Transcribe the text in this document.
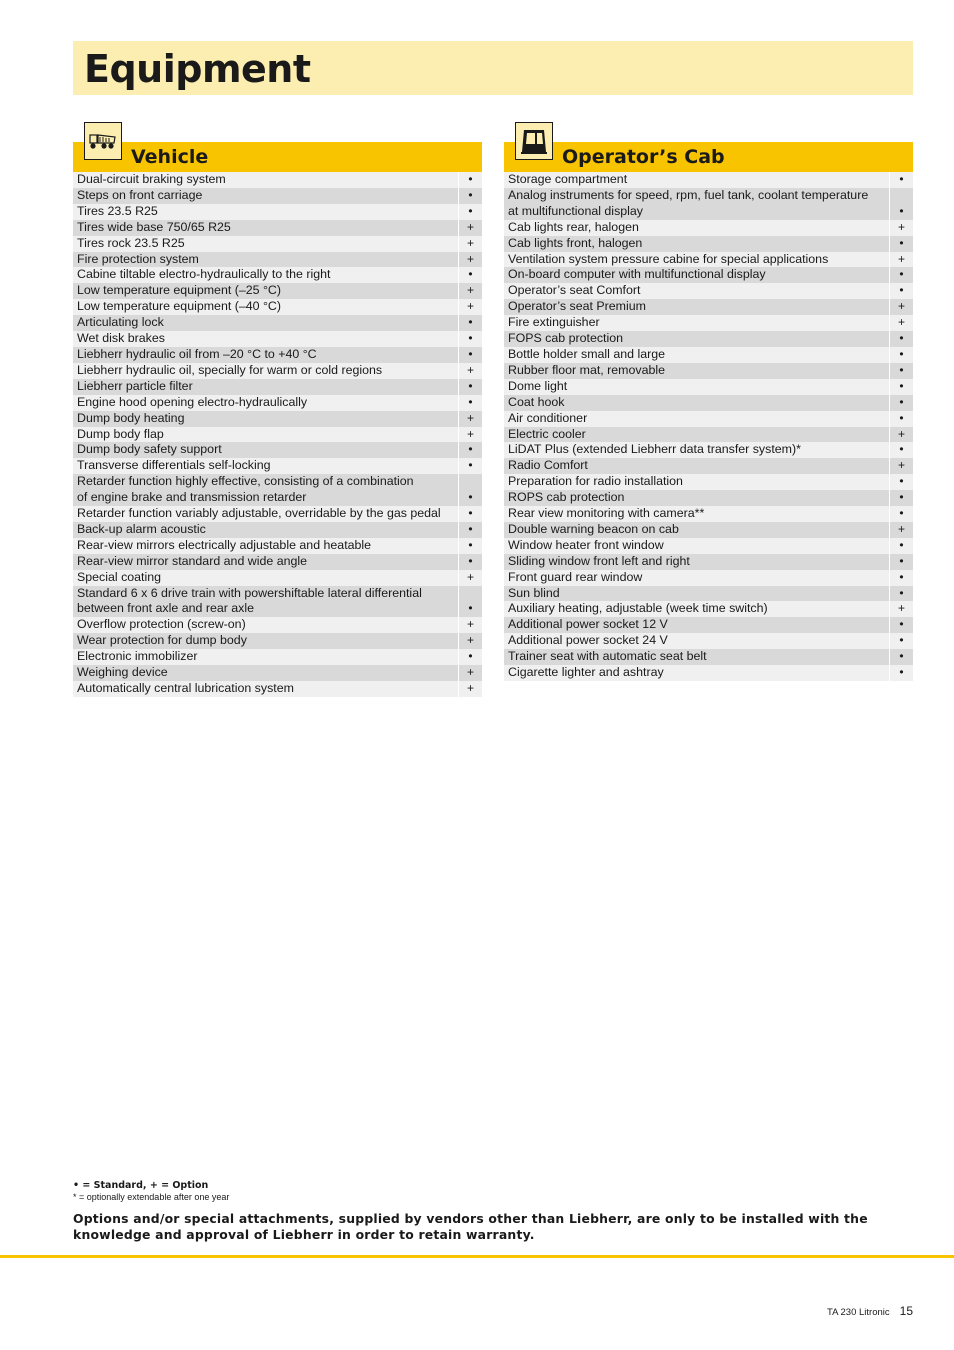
Equipment
Vehicle
Dual-circuit braking system	•
Steps on front carriage	•
Tires 23.5 R25	•
Tires wide base 750/65 R25	+
Tires rock 23.5 R25	+
Fire protection system	+
Cabine tiltable electro-hydraulically to the right	•
Low temperature equipment (–25 °C)	+
Low temperature equipment (–40 °C)	+
Articulating lock	•
Wet disk brakes	•
Liebherr hydraulic oil from –20 °C to +40 °C	•
Liebherr hydraulic oil, specially for warm or cold regions	+
Liebherr particle filter	•
Engine hood opening electro-hydraulically	•
Dump body heating	+
Dump body flap	+
Dump body safety support	•
Transverse differentials self-locking	•
Retarder function highly effective, consisting of a combination
of engine brake and transmission retarder	•
Retarder function variably adjustable, overridable by the gas pedal	•
Back-up alarm acoustic	•
Rear-view mirrors electrically adjustable and heatable	•
Rear-view mirror standard and wide angle	•
Special coating	+
Standard 6 x 6 drive train with powershiftable lateral differential
between front axle and rear axle	•
Overflow protection (screw-on)	+
Wear protection for dump body	+
Electronic immobilizer	•
Weighing device	+
Automatically central lubrication system	+
Operator’s Cab
Storage compartment	•
Analog instruments for speed, rpm, fuel tank, coolant temperature
at multifunctional display	•
Cab lights rear, halogen	+
Cab lights front, halogen	•
Ventilation system pressure cabine for special applications	+
On-board computer with multifunctional display	•
Operator’s seat Comfort	•
Operator’s seat Premium	+
Fire extinguisher	+
FOPS cab protection	•
Bottle holder small and large	•
Rubber floor mat, removable	•
Dome light	•
Coat hook	•
Air conditioner	•
Electric cooler	+
LiDAT Plus (extended Liebherr data transfer system)*	•
Radio Comfort	+
Preparation for radio installation	•
ROPS cab protection	•
Rear view monitoring with camera**	•
Double warning beacon on cab	+
Window heater front window	•
Sliding window front left and right	•
Front guard rear window	•
Sun blind	•
Auxiliary heating, adjustable (week time switch)	+
Additional power socket 12 V	•
Additional power socket 24 V	•
Trainer seat with automatic seat belt	•
Cigarette lighter and ashtray	•
• = Standard, + = Option
* = optionally extendable after one year
Options and/or special attachments, supplied by vendors other than Liebherr, are only to be installed with the knowledge and approval of Liebherr in order to retain warranty.
TA 230 Litronic 15
